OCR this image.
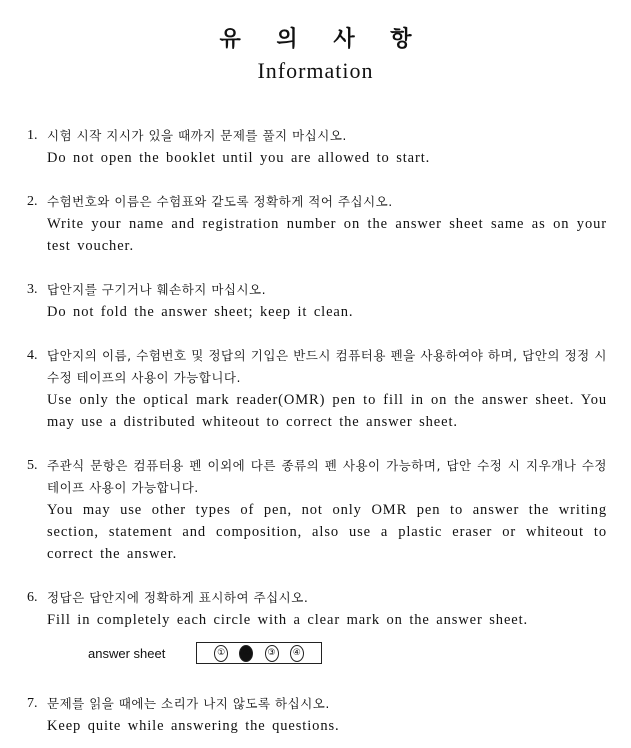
유 의 사 항
Information
1. 시험 시작 지시가 있을 때까지 문제를 풀지 마십시오.
Do not open the booklet until you are allowed to start.
2. 수험번호와 이름은 수험표와 같도록 정확하게 적어 주십시오.
Write your name and registration number on the answer sheet same as on your test voucher.
3. 답안지를 구기거나 훼손하지 마십시오.
Do not fold the answer sheet; keep it clean.
4. 답안지의 이름, 수험번호 및 정답의 기입은 반드시 컴퓨터용 펜을 사용하여야 하며, 답안의 정정 시 수정 테이프의 사용이 가능합니다.
Use only the optical mark reader(OMR) pen to fill in on the answer sheet. You may use a distributed whiteout to correct the answer sheet.
5. 주관식 문항은 컴퓨터용 펜 이외에 다른 종류의 펜 사용이 가능하며, 답안 수정 시 지우개나 수정 테이프 사용이 가능합니다.
You may use other types of pen, not only OMR pen to answer the writing section, statement and composition, also use a plastic eraser or whiteout to correct the answer.
6. 정답은 답안지에 정확하게 표시하여 주십시오.
Fill in completely each circle with a clear mark on the answer sheet.
answer sheet	①	②	③	④
7. 문제를 읽을 때에는 소리가 나지 않도록 하십시오.
Keep quite while answering the questions.
